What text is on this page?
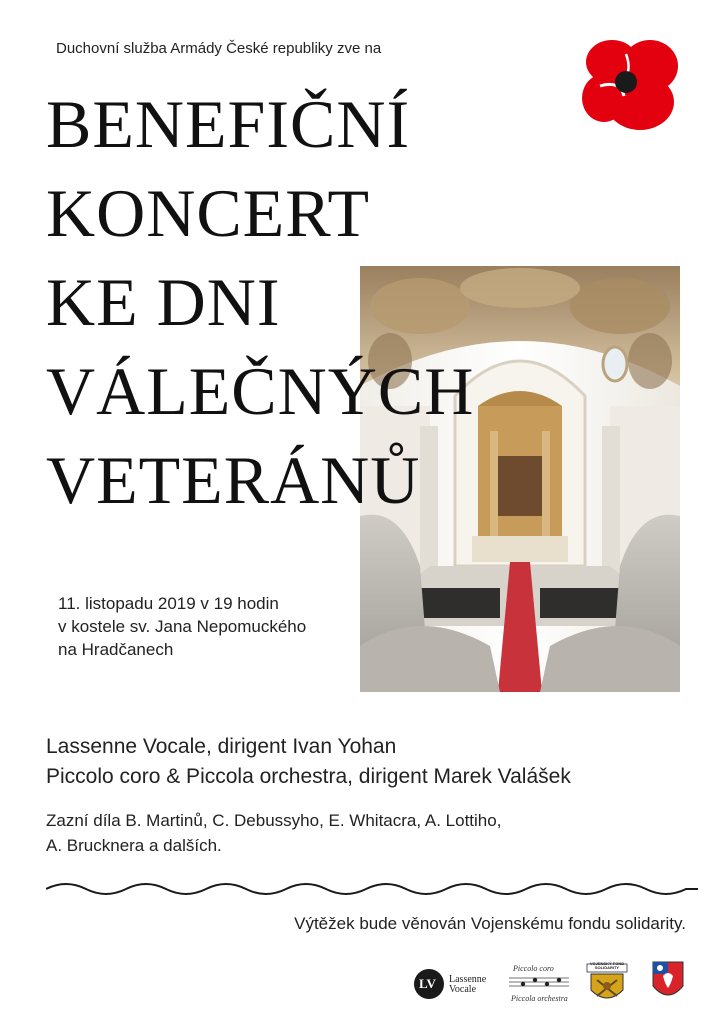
Duchovní služba Armády České republiky zve na
BENEFIČNÍ
KONCERT
KE DNI
VÁLEČNÝCH
VETERÁNŮ
11. listopadu 2019 v 19 hodin
v kostele sv. Jana Nepomuckého
na Hradčanech
Lassenne Vocale, dirigent Ivan Yohan
Piccolo coro & Piccola orchestra, dirigent Marek Valášek
Zazní díla B. Martinů, C. Debussyho, E. Whitacra, A. Lottiho,
A. Brucknera a dalších.
Výtěžek bude věnován Vojenskému fondu solidarity.
LV Lassenne
Vocale
Piccolo coro
Piccola orchestra
VOJENSKÝ FOND SOLIDARITY
